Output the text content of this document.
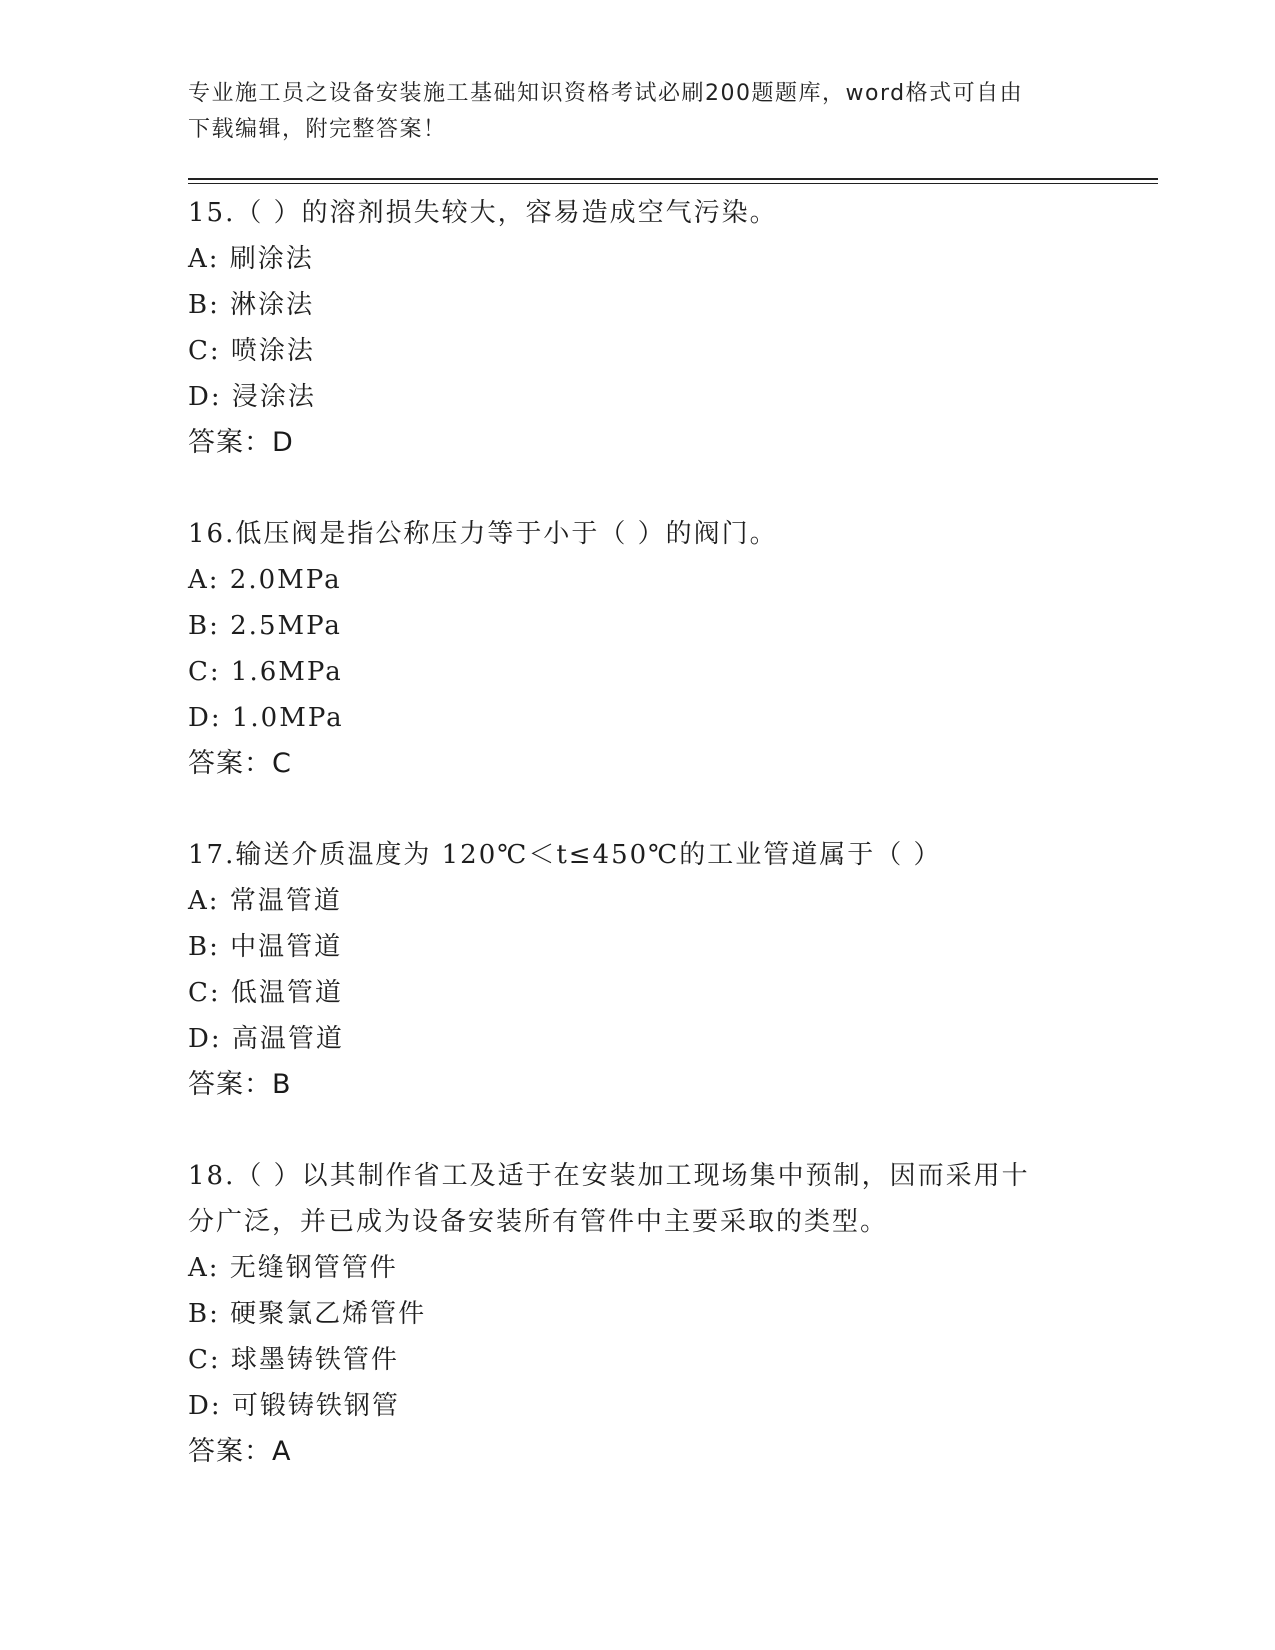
专业施工员之设备安装施工基础知识资格考试必刷200题题库，word格式可自由
下载编辑，附完整答案！
15.（ ）的溶剂损失较大，容易造成空气污染。
A: 刷涂法
B: 淋涂法
C: 喷涂法
D: 浸涂法
答案：D
16.低压阀是指公称压力等于小于（ ）的阀门。
A: 2.0MPa
B: 2.5MPa
C: 1.6MPa
D: 1.0MPa
答案：C
17.输送介质温度为 120℃＜t≤450℃的工业管道属于（ ）
A: 常温管道
B: 中温管道
C: 低温管道
D: 高温管道
答案：B
18.（ ）以其制作省工及适于在安装加工现场集中预制，因而采用十
分广泛，并已成为设备安装所有管件中主要采取的类型。
A: 无缝钢管管件
B: 硬聚氯乙烯管件
C: 球墨铸铁管件
D: 可锻铸铁钢管
答案：A
